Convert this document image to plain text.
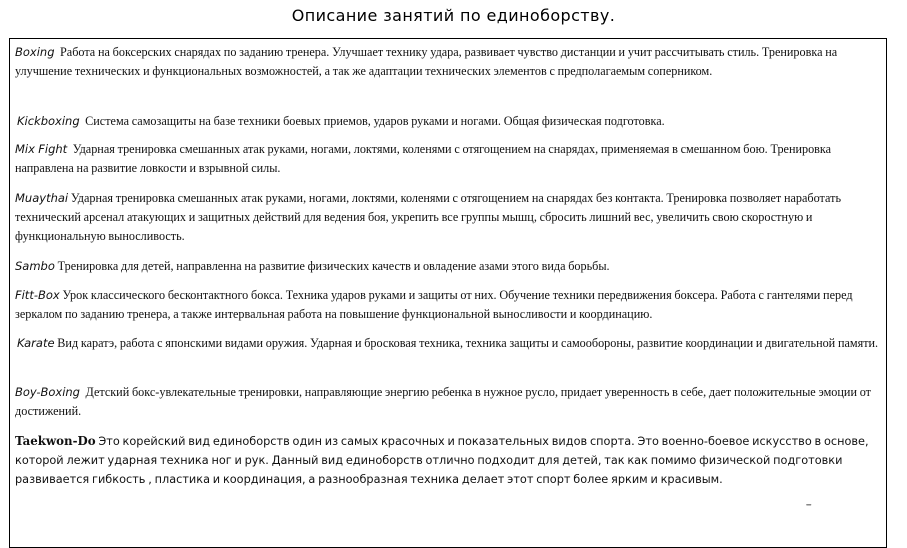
Описание занятий по единоборству.

Boxing Работа на боксерских снарядах по заданию тренера. Улучшает технику удара, развивает чувство дистанции и учит рассчитывать стиль. Тренировка на улучшение технических и функциональных возможностей, а так же адаптации технических элементов с предполагаемым соперником.

Kickboxing Система самозащиты на базе техники боевых приемов, ударов руками и ногами. Общая физическая подготовка.

Mix Fight Ударная тренировка смешанных атак руками, ногами, локтями, коленями с отягощением на снарядах, применяемая в смешанном бою. Тренировка направлена на развитие ловкости и взрывной силы.

Muaythai Ударная тренировка смешанных атак руками, ногами, локтями, коленями с отягощением на снарядах без контакта. Тренировка позволяет наработать технический арсенал атакующих и защитных действий для ведения боя, укрепить все группы мышц, сбросить лишний вес, увеличить свою скоростную и функциональную выносливость.

Sambo Тренировка для детей, направленна на развитие физических качеств и овладение азами этого вида борьбы.

Fitt-Box Урок классического бесконтактного бокса. Техника ударов руками и защиты от них. Обучение техники передвижения боксера. Работа с гантелями перед зеркалом по заданию тренера, а также интервальная работа на повышение функциональной выносливости и координацию.

Karate Вид каратэ, работа с японскими видами оружия. Ударная и бросковая техника, техника защиты и самообороны, развитие координации и двигательной памяти.

Boy-Boxing Детский бокс-увлекательные тренировки, направляющие энергию ребенка в нужное русло, придает уверенность в себе, дает положительные эмоции от достижений.

Taekwon-Do Это корейский вид единоборств один из самых красочных и показательных видов спорта. Это военно-боевое искусство в основе, которой лежит ударная техника ног и рук. Данный вид единоборств отлично подходит для детей, так как помимо физической подготовки развивается гибкость , пластика и координация, а разнообразная техника делает этот спорт более ярким и красивым.
